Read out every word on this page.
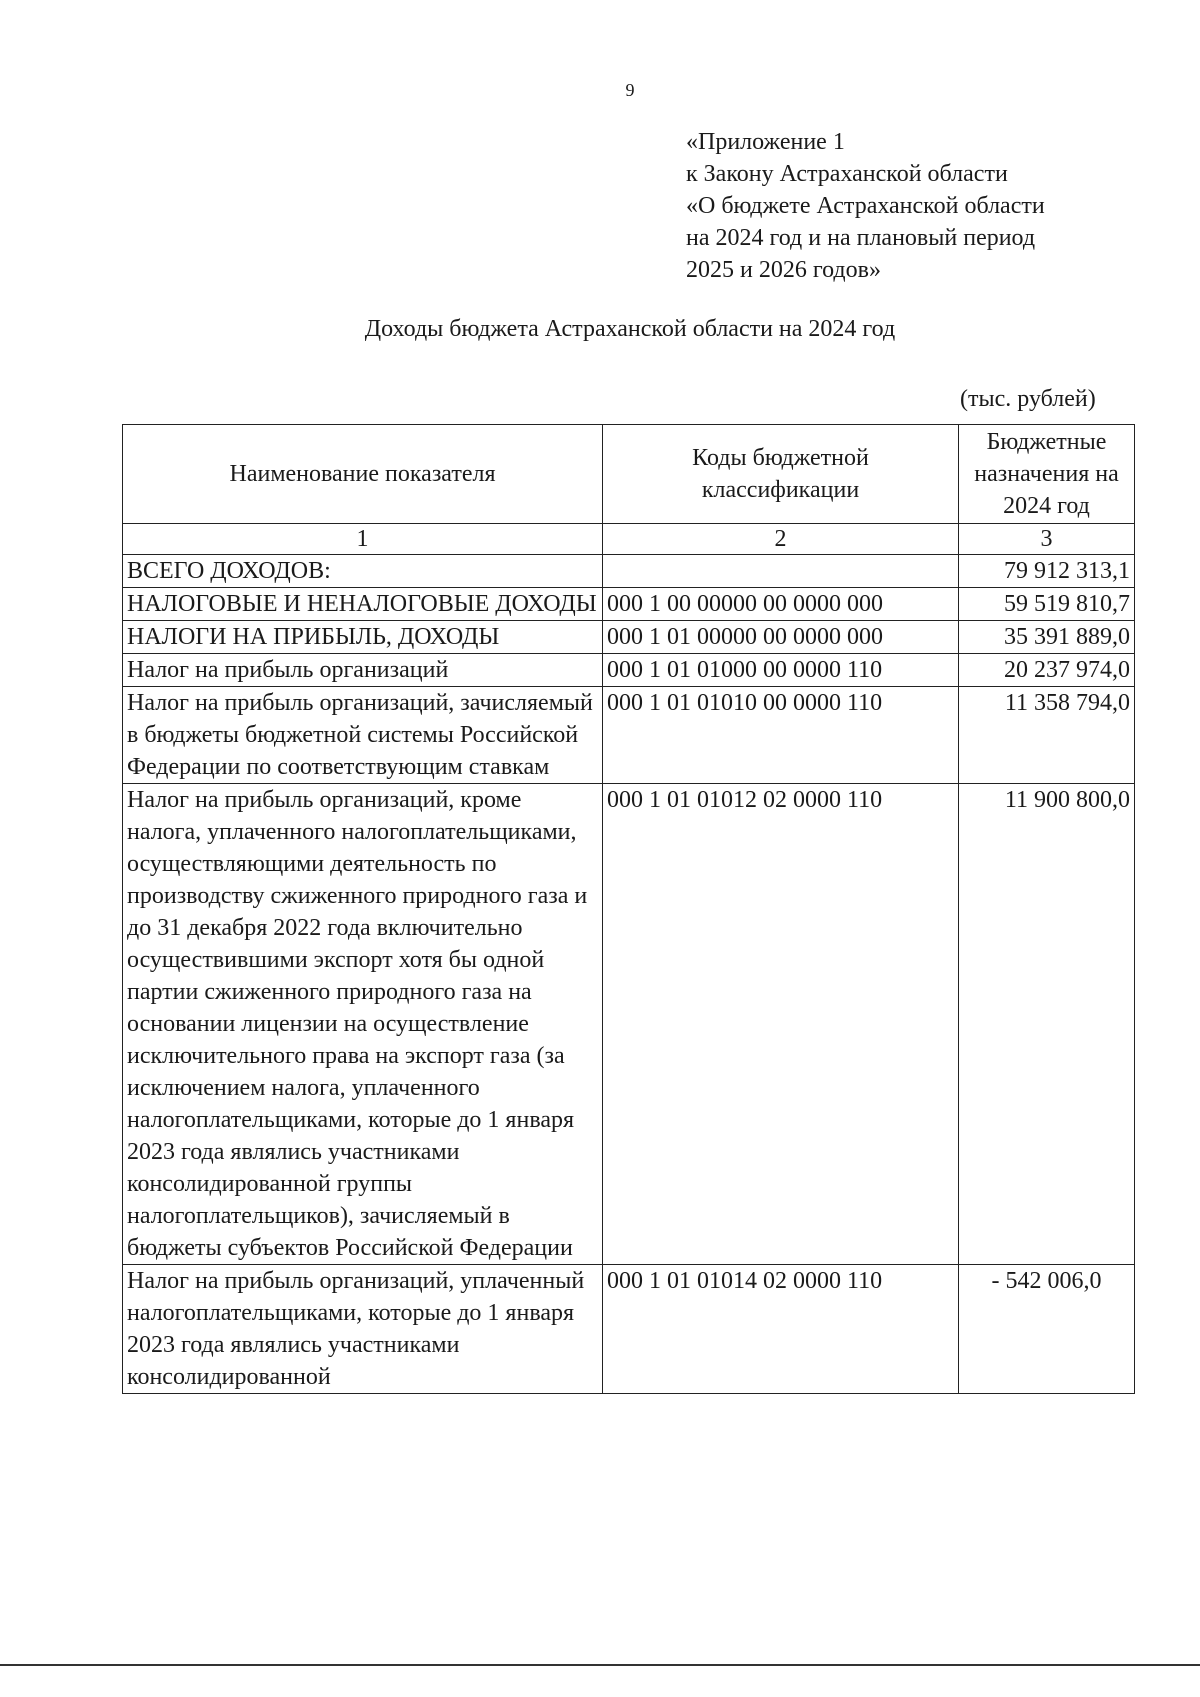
9
«Приложение 1
к Закону Астраханской области
«О бюджете Астраханской области
на 2024 год и на плановый период
2025 и 2026 годов»
Доходы бюджета Астраханской области на 2024 год
(тыс. рублей)
Наименование показателя	Коды бюджетной классификации	Бюджетные назначения на 2024 год
1	2	3
ВСЕГО ДОХОДОВ:		79 912 313,1
НАЛОГОВЫЕ И НЕНАЛОГОВЫЕ ДОХОДЫ	000 1 00 00000 00 0000 000	59 519 810,7
НАЛОГИ НА ПРИБЫЛЬ, ДОХОДЫ	000 1 01 00000 00 0000 000	35 391 889,0
Налог на прибыль организаций	000 1 01 01000 00 0000 110	20 237 974,0
Налог на прибыль организаций, зачисляемый в бюджеты бюджетной системы Российской Федерации по соответствующим ставкам	000 1 01 01010 00 0000 110	11 358 794,0
Налог на прибыль организаций, кроме налога, уплаченного налогоплательщиками, осуществляющими деятельность по производству сжиженного природного газа и до 31 декабря 2022 года включительно осуществившими экспорт хотя бы одной партии сжиженного природного газа на основании лицензии на осуществление исключительного права на экспорт газа (за исключением налога, уплаченного налогоплательщиками, которые до 1 января 2023 года являлись участниками консолидированной группы налогоплательщиков), зачисляемый в бюджеты субъектов Российской Федерации	000 1 01 01012 02 0000 110	11 900 800,0
Налог на прибыль организаций, уплаченный налогоплательщиками, которые до 1 января 2023 года являлись участниками консолидированной	000 1 01 01014 02 0000 110	- 542 006,0
